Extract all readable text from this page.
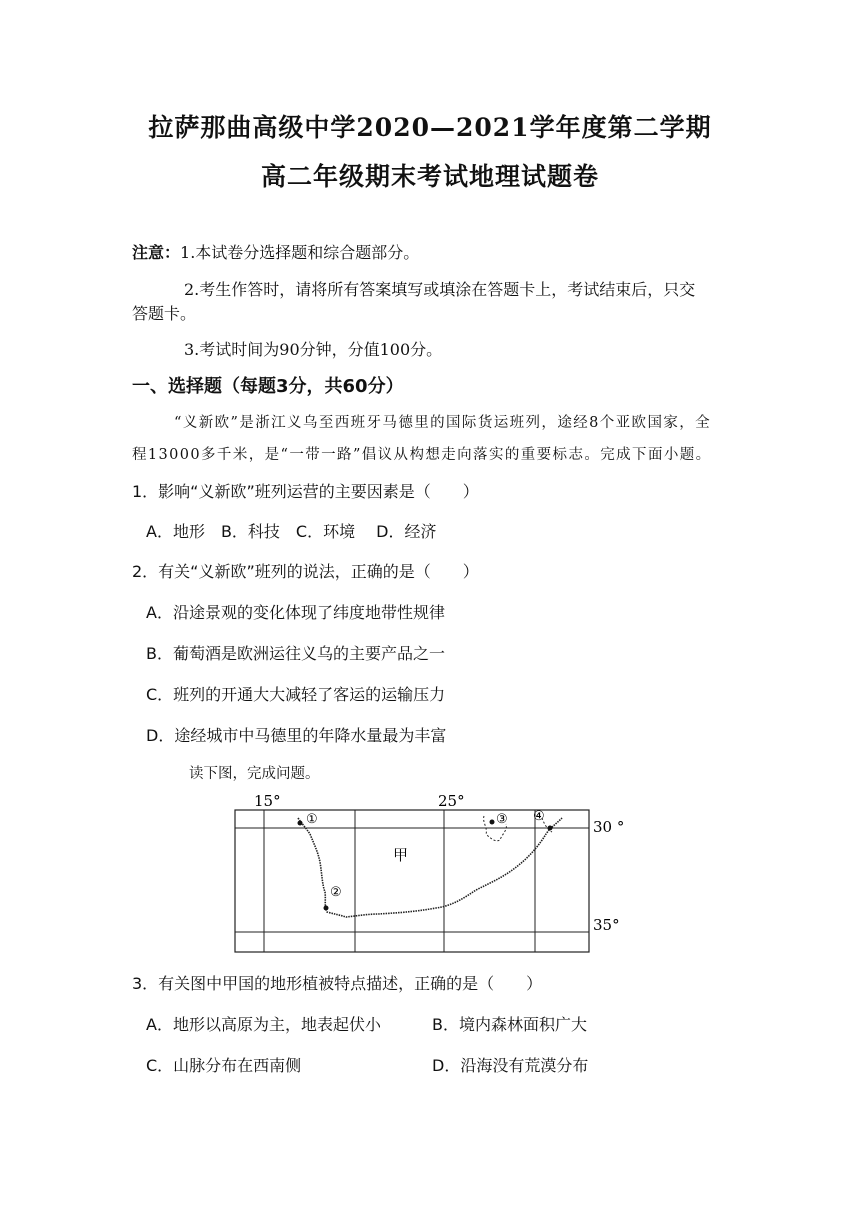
拉萨那曲高级中学2020—2021学年度第二学期
高二年级期末考试地理试题卷
注意：1.本试卷分选择题和综合题部分。
2.考生作答时，请将所有答案填写或填涂在答题卡上，考试结束后，只交
答题卡。
3.考试时间为90分钟，分值100分。
一、选择题（每题3分，共60分）
“义新欧”是浙江义乌至西班牙马德里的国际货运班列，途经8个亚欧国家，全
程13000多千米，是“一带一路”倡议从构想走向落实的重要标志。完成下面小题。
1．影响“义新欧”班列运营的主要因素是（　　）
A．地形　B．科技　C．环境　 D．经济
2．有关“义新欧”班列的说法，正确的是（　　）
A．沿途景观的变化体现了纬度地带性规律
B．葡萄酒是欧洲运往义乌的主要产品之一
C．班列的开通大大减轻了客运的运输压力
D．途经城市中马德里的年降水量最为丰富
读下图，完成问题。
15°	25°
30 °
35°
甲
①
②
③ ④
3．有关图中甲国的地形植被特点描述，正确的是（　　）
A．地形以高原为主，地表起伏小	B．境内森林面积广大
C．山脉分布在西南侧	D．沿海没有荒漠分布
